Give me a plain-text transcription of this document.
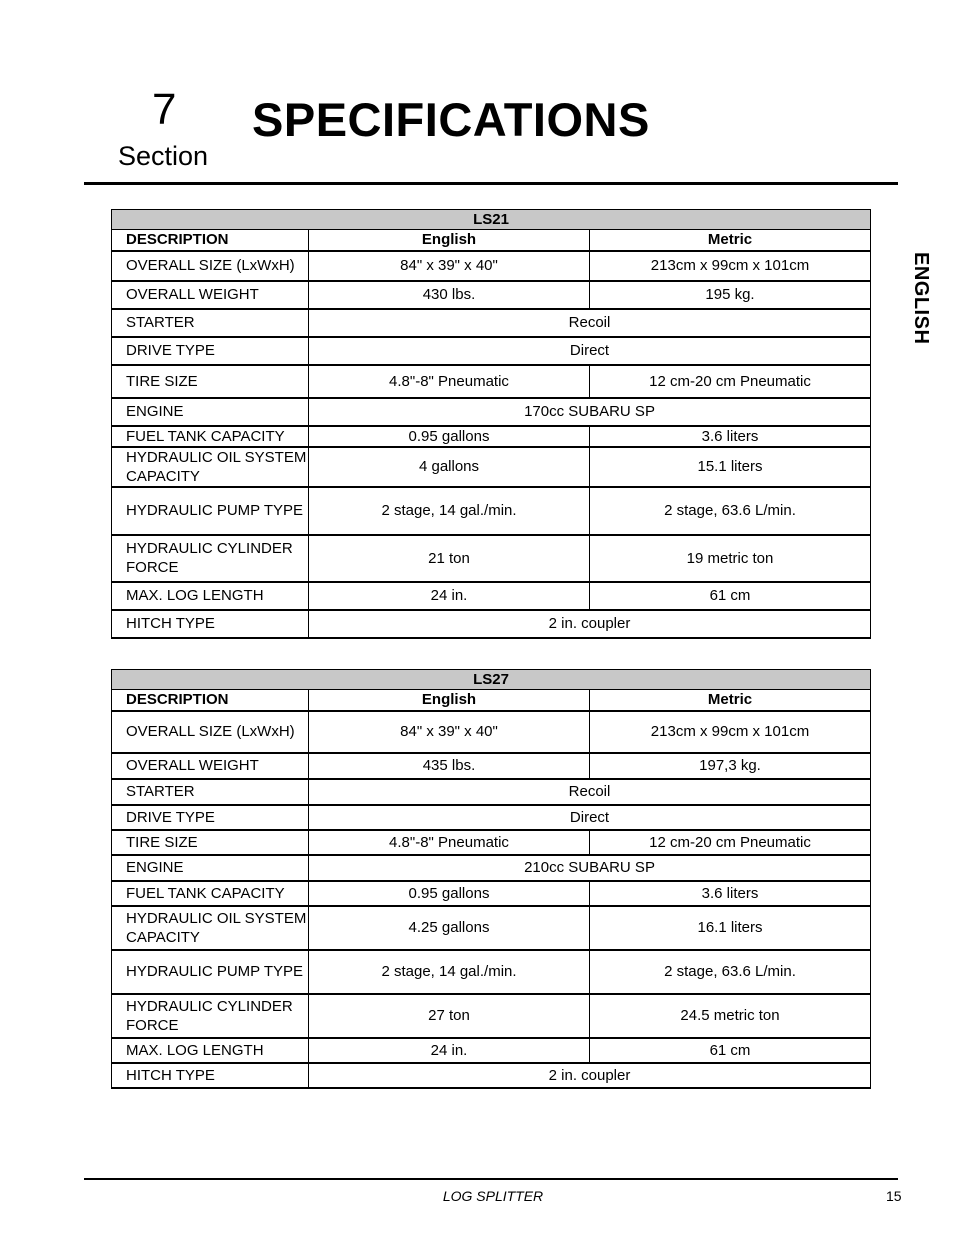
7
Section
SPECIFICATIONS
ENGLISH
LS21		
DESCRIPTION	English	Metric
OVERALL SIZE (LxWxH)	84" x 39" x 40"	213cm x 99cm x 101cm
OVERALL WEIGHT	430 lbs.	195 kg.
STARTER	Recoil	
DRIVE TYPE	Direct	
TIRE SIZE	4.8"-8" Pneumatic	12 cm-20 cm Pneumatic
ENGINE	170cc SUBARU SP	
FUEL TANK CAPACITY	0.95 gallons	3.6 liters
HYDRAULIC OIL SYSTEM CAPACITY	4 gallons	15.1 liters
HYDRAULIC PUMP TYPE	2 stage, 14 gal./min.	2 stage, 63.6 L/min.
HYDRAULIC CYLINDER FORCE	21 ton	19 metric ton
MAX. LOG LENGTH	24 in.	61 cm
HITCH TYPE	2 in. coupler	
LS27		
DESCRIPTION	English	Metric
OVERALL SIZE (LxWxH)	84" x 39" x 40"	213cm x 99cm x 101cm
OVERALL WEIGHT	435 lbs.	197,3 kg.
STARTER	Recoil	
DRIVE TYPE	Direct	
TIRE SIZE	4.8"-8" Pneumatic	12 cm-20 cm Pneumatic
ENGINE	210cc SUBARU SP	
FUEL TANK CAPACITY	0.95 gallons	3.6 liters
HYDRAULIC OIL SYSTEM CAPACITY	4.25 gallons	16.1 liters
HYDRAULIC PUMP TYPE	2 stage, 14 gal./min.	2 stage, 63.6 L/min.
HYDRAULIC CYLINDER FORCE	27 ton	24.5 metric ton
MAX. LOG LENGTH	24 in.	61 cm
HITCH TYPE	2 in. coupler	
LOG SPLITTER	15
